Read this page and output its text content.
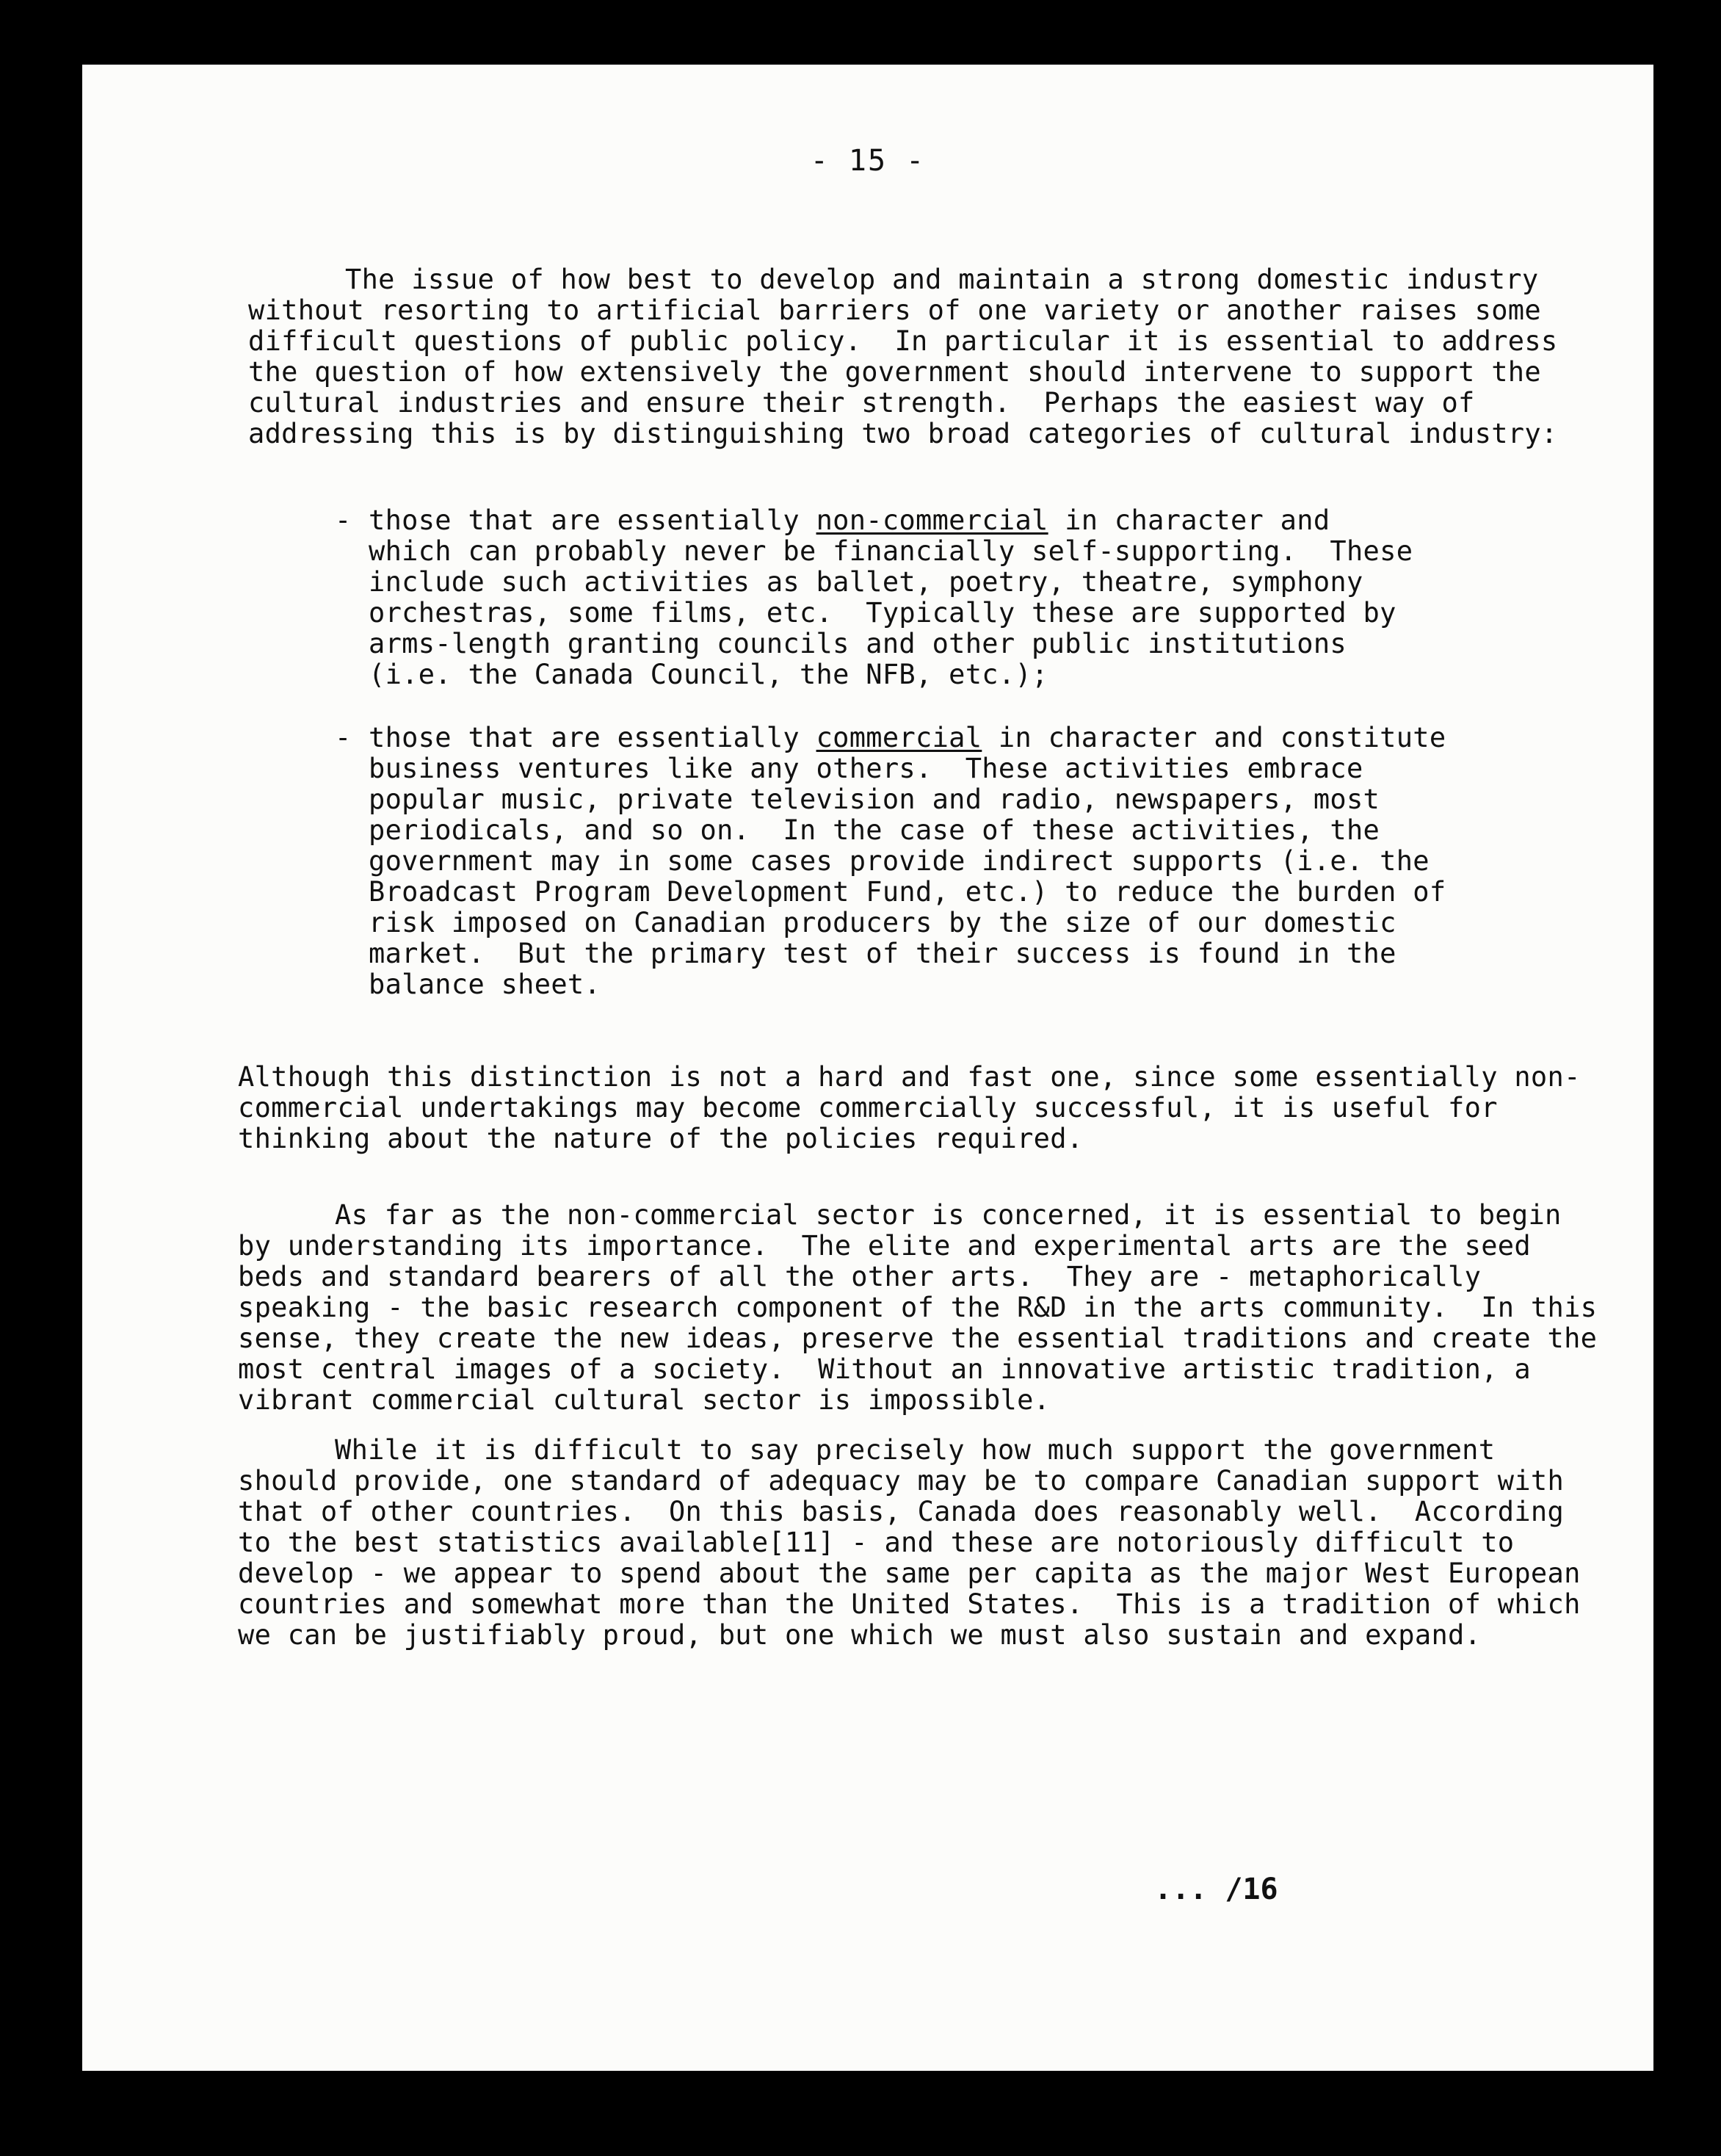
- 15 -

The issue of how best to develop and maintain a strong domestic industry without resorting to artificial barriers of one variety or another raises some difficult questions of public policy.  In particular it is essential to address the question of how extensively the government should intervene to support the cultural industries and ensure their strength.  Perhaps the easiest way of addressing this is by distinguishing two broad categories of cultural industry:

- those that are essentially non-commercial in character and which can probably never be financially self-supporting.  These include such activities as ballet, poetry, theatre, symphony orchestras, some films, etc.  Typically these are supported by arms-length granting councils and other public institutions (i.e. the Canada Council, the NFB, etc.);

- those that are essentially commercial in character and constitute business ventures like any others.  These activities embrace popular music, private television and radio, newspapers, most periodicals, and so on.  In the case of these activities, the government may in some cases provide indirect supports (i.e. the Broadcast Program Development Fund, etc.) to reduce the burden of risk imposed on Canadian producers by the size of our domestic market.  But the primary test of their success is found in the balance sheet.

Although this distinction is not a hard and fast one, since some essentially non-commercial undertakings may become commercially successful, it is useful for thinking about the nature of the policies required.

As far as the non-commercial sector is concerned, it is essential to begin by understanding its importance.  The elite and experimental arts are the seed beds and standard bearers of all the other arts.  They are - metaphorically speaking - the basic research component of the R&D in the arts community.  In this sense, they create the new ideas, preserve the essential traditions and create the most central images of a society.  Without an innovative artistic tradition, a vibrant commercial cultural sector is impossible.

While it is difficult to say precisely how much support the government should provide, one standard of adequacy may be to compare Canadian support with that of other countries.  On this basis, Canada does reasonably well.  According to the best statistics available[11] - and these are notoriously difficult to develop - we appear to spend about the same per capita as the major West European countries and somewhat more than the United States.  This is a tradition of which we can be justifiably proud, but one which we must also sustain and expand.

... /16
